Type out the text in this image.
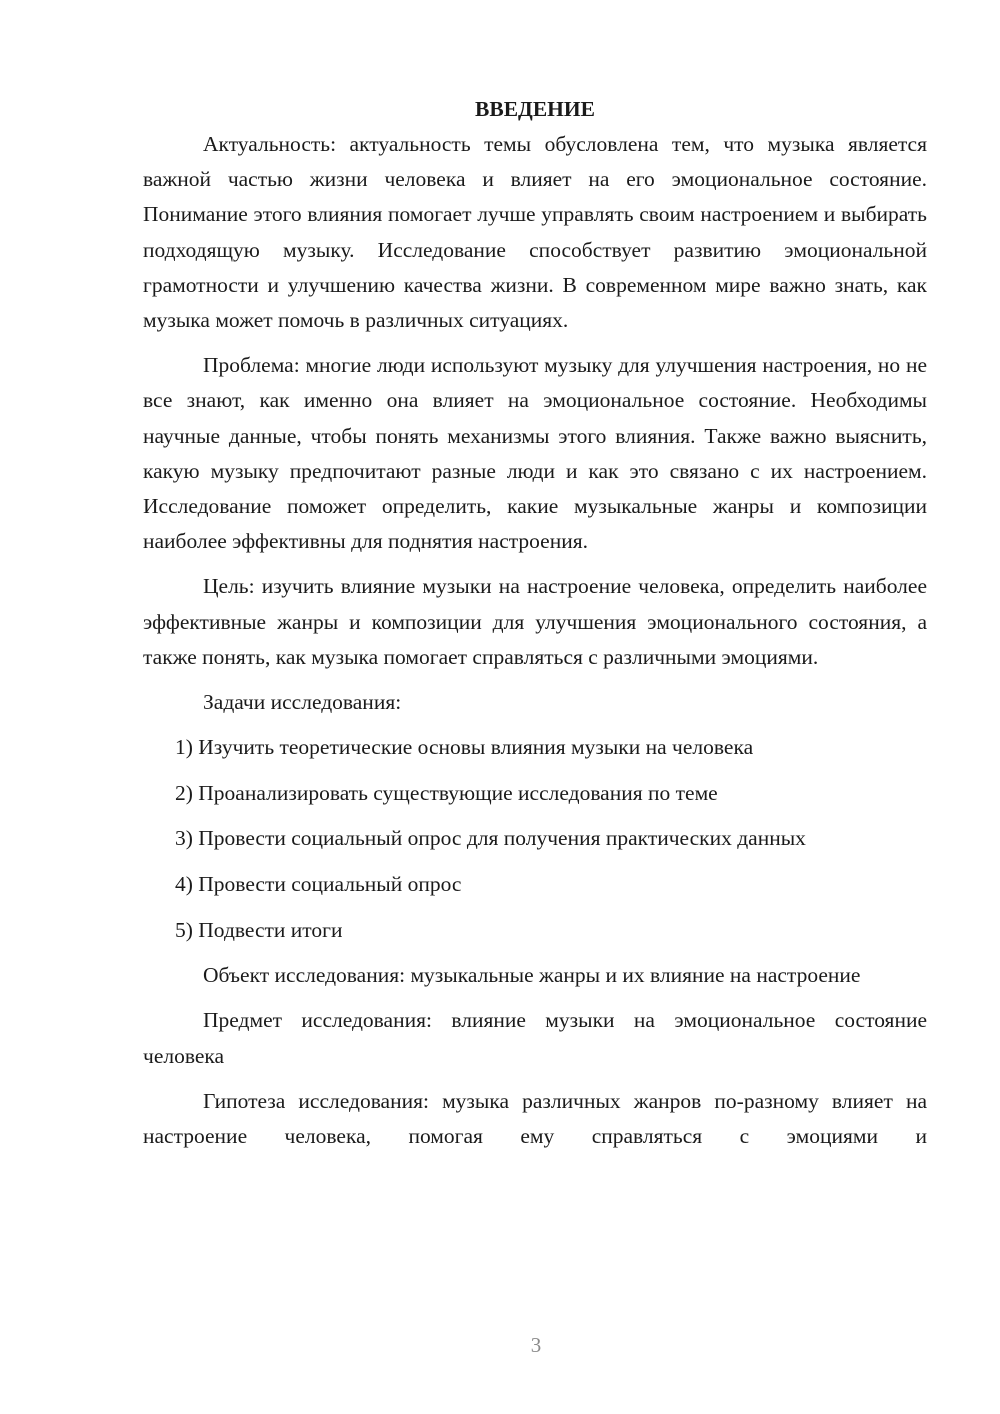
ВВЕДЕНИЕ

Актуальность: актуальность темы обусловлена тем, что музыка является важной частью жизни человека и влияет на его эмоциональное состояние. Понимание этого влияния помогает лучше управлять своим настроением и выбирать подходящую музыку. Исследование способствует развитию эмоциональной грамотности и улучшению качества жизни. В современном мире важно знать, как музыка может помочь в различных ситуациях.

Проблема: многие люди используют музыку для улучшения настроения, но не все знают, как именно она влияет на эмоциональное состояние. Необходимы научные данные, чтобы понять механизмы этого влияния. Также важно выяснить, какую музыку предпочитают разные люди и как это связано с их настроением. Исследование поможет определить, какие музыкальные жанры и композиции наиболее эффективны для поднятия настроения.

Цель: изучить влияние музыки на настроение человека, определить наиболее эффективные жанры и композиции для улучшения эмоционального состояния, а также понять, как музыка помогает справляться с различными эмоциями.

Задачи исследования:

1) Изучить теоретические основы влияния музыки на человека
2) Проанализировать существующие исследования по теме
3) Провести социальный опрос для получения практических данных
4) Провести социальный опрос
5) Подвести итоги

Объект исследования: музыкальные жанры и их влияние на настроение

Предмет исследования: влияние музыки на эмоциональное состояние человека

Гипотеза исследования: музыка различных жанров по-разному влияет на настроение человека, помогая ему справляться с эмоциями и

3
